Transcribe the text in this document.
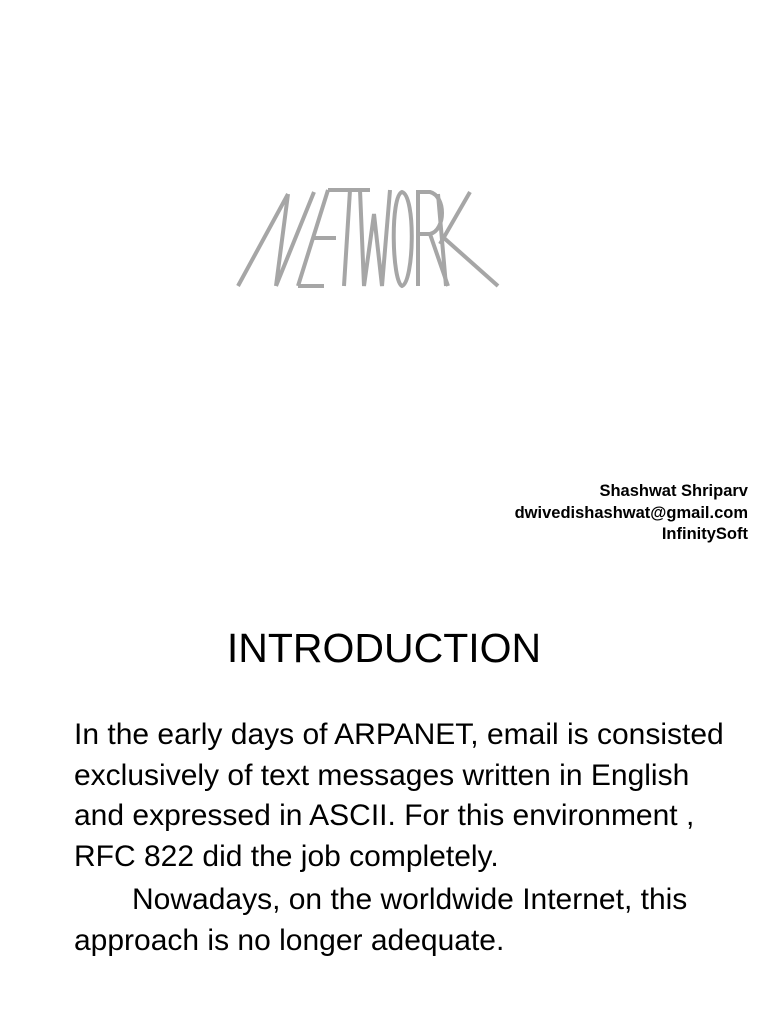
Shashwat Shriparv
dwivedishashwat@gmail.com
InfinitySoft
INTRODUCTION

In the early days of ARPANET, email is consisted exclusively of text messages written in English and expressed in ASCII. For this environment , RFC 822 did the job completely.

Nowadays, on the worldwide Internet, this approach is no longer adequate.
